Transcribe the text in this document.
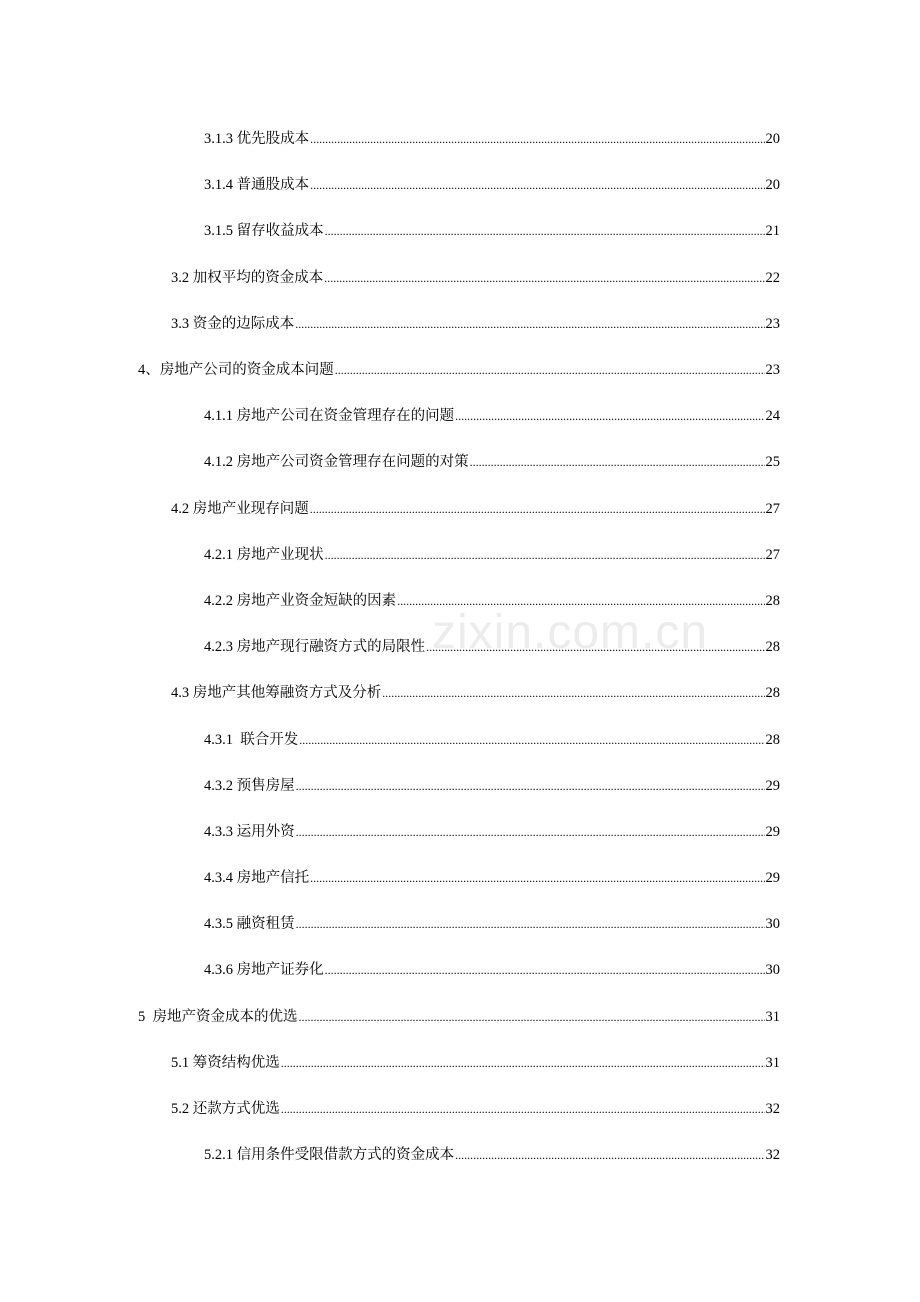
3.1.3 优先股成本 .....	20
3.1.4 普通股成本 .....	20
3.1.5 留存收益成本 .....	21
3.2 加权平均的资金成本 .....	22
3.3 资金的边际成本 .....	23
4、房地产公司的资金成本问题 .....	23
4.1.1 房地产公司在资金管理存在的问题 .....	24
4.1.2 房地产公司资金管理存在问题的对策 .....	25
4.2 房地产业现存问题 .....	27
4.2.1 房地产业现状 .....	27
4.2.2 房地产业资金短缺的因素 .....	28
4.2.3 房地产现行融资方式的局限性 .....	28
4.3 房地产其他筹融资方式及分析 .....	28
4.3.1  联合开发 .....	28
4.3.2 预售房屋 .....	29
4.3.3 运用外资 .....	29
4.3.4 房地产信托 .....	29
4.3.5 融资租赁 .....	30
4.3.6 房地产证券化 .....	30
5  房地产资金成本的优选 .....	31
5.1 筹资结构优选 .....	31
5.2 还款方式优选 .....	32
5.2.1 信用条件受限借款方式的资金成本 .....	32
zixin.com.cn
